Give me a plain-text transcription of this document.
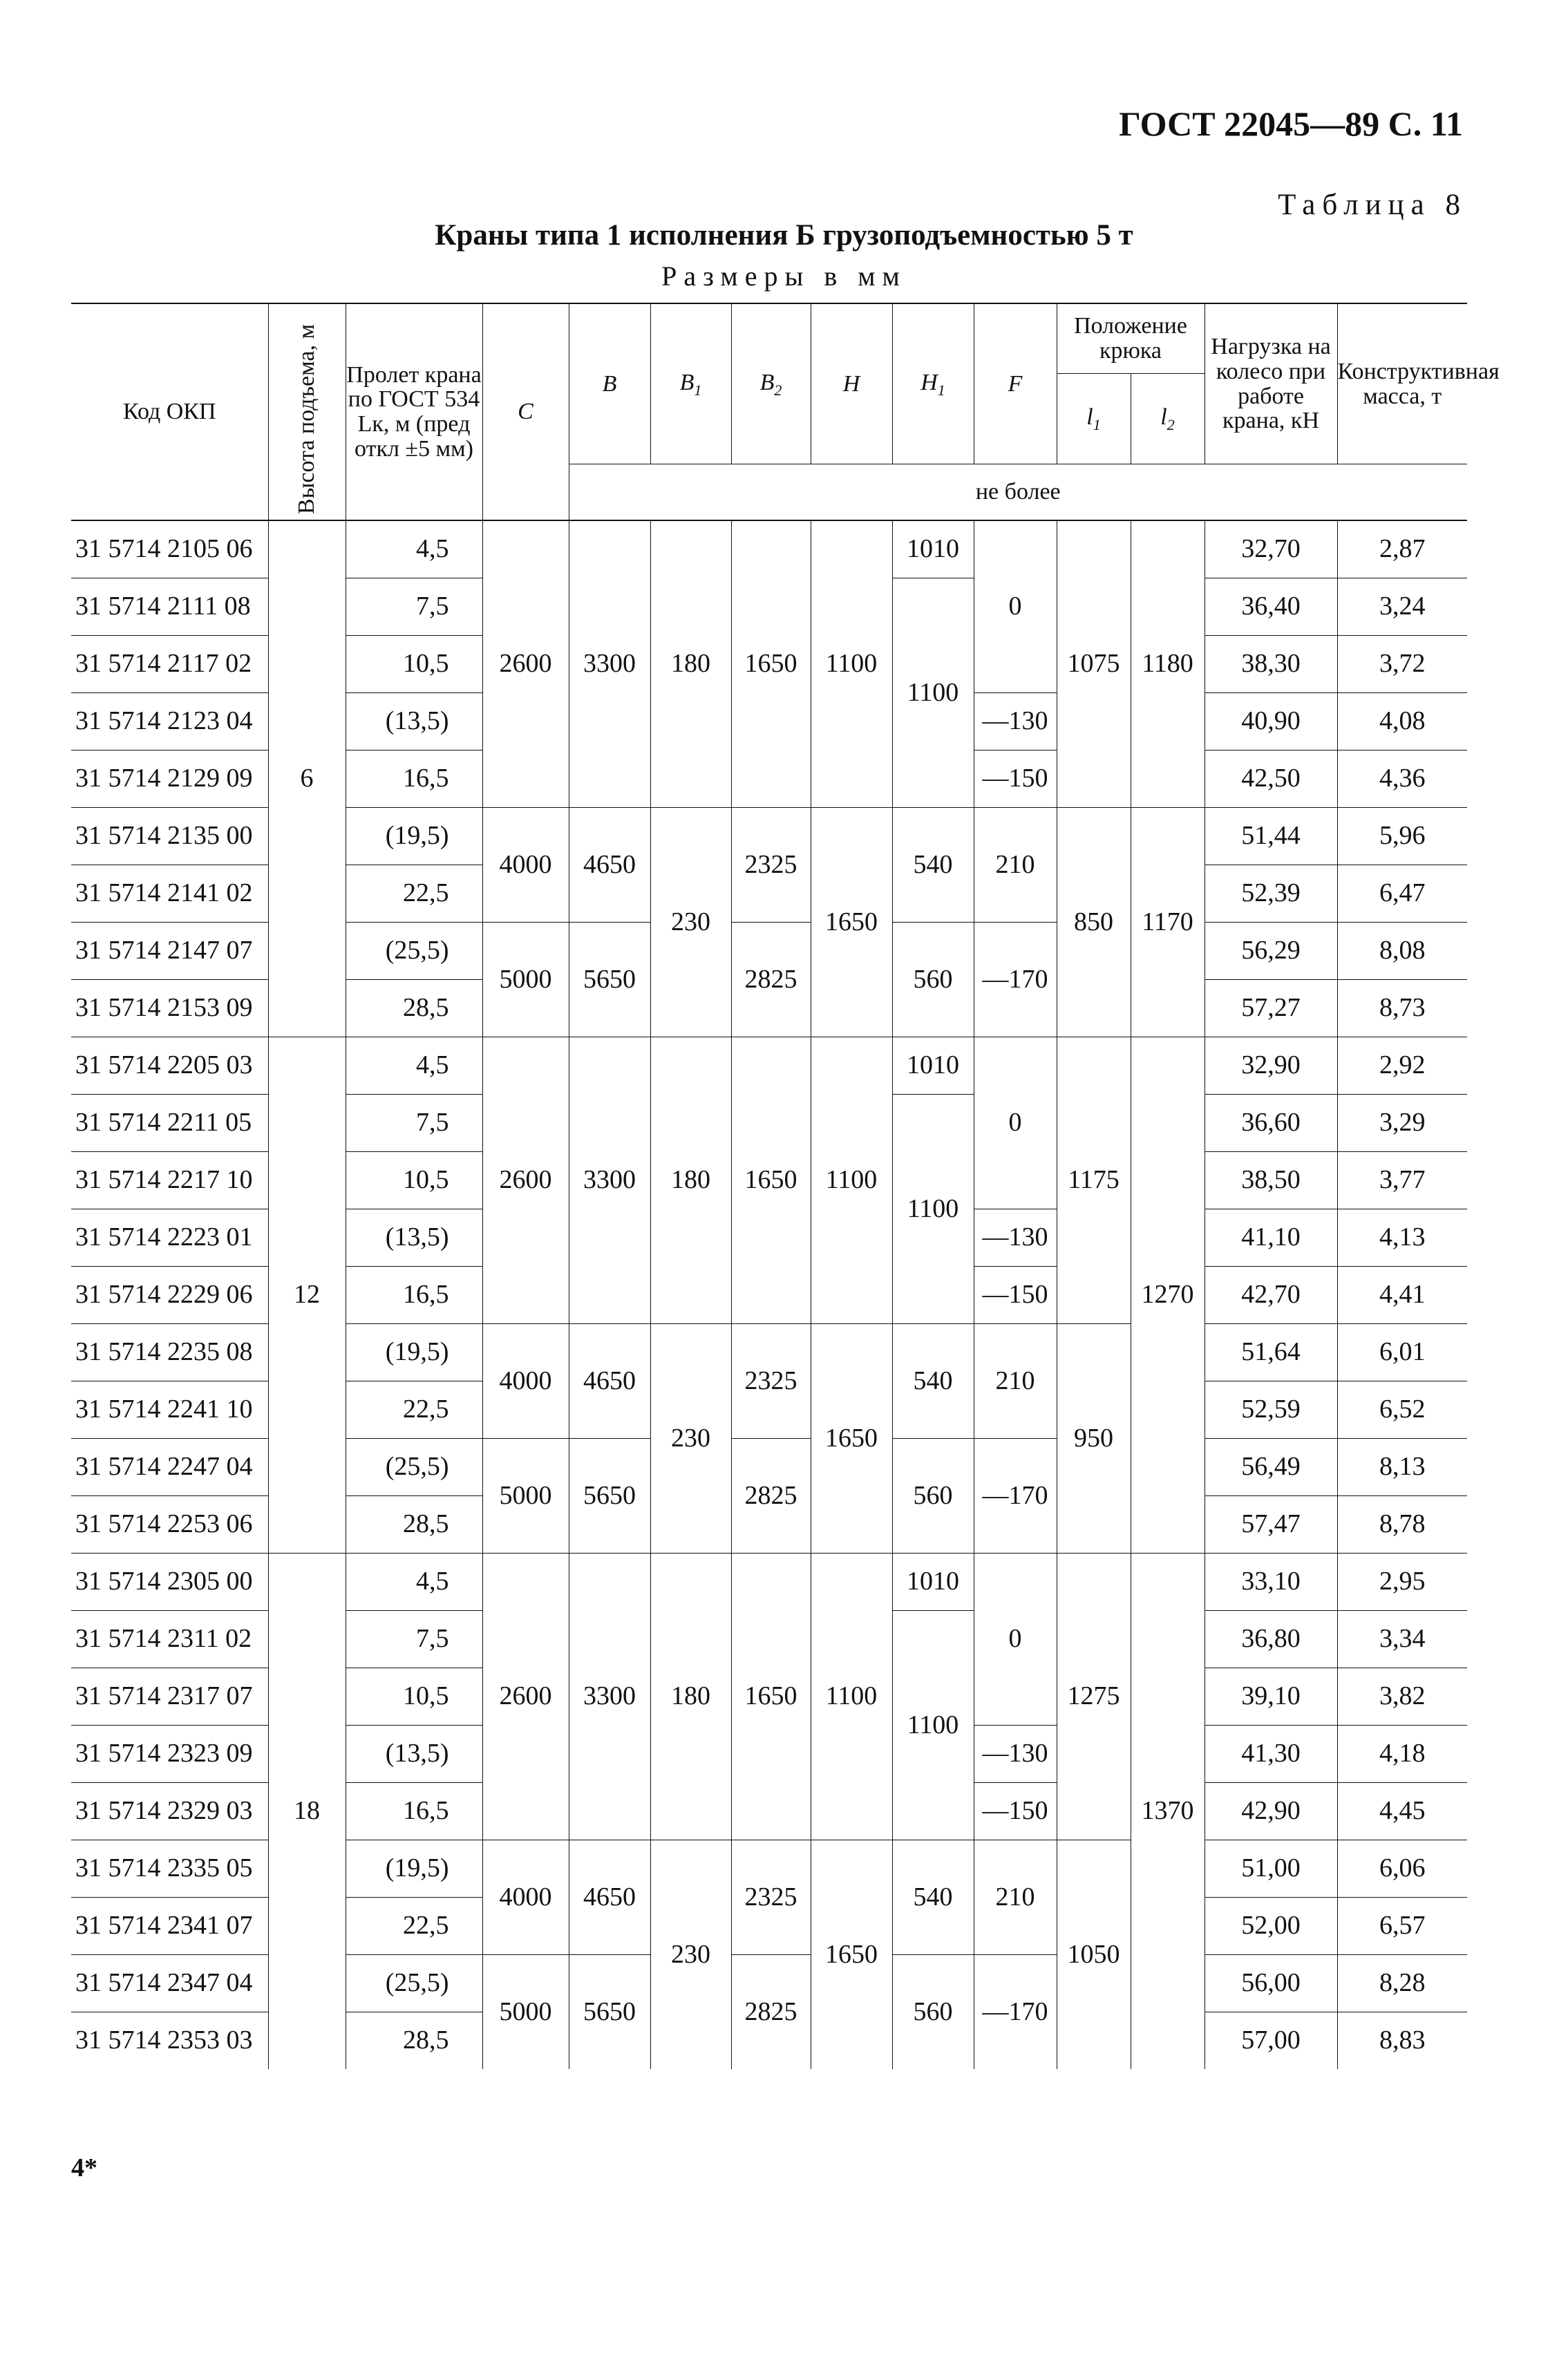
ГОСТ 22045—89 С. 11
Таблица 8
Краны типа 1 исполнения Б грузоподъемностью 5 т
Размеры в мм
Код ОКП	Высота подъема, м	Пролет крана по ГОСТ 534 Lк, м (пред откл ±5 мм)	C	B	$B_1$	$B_2$	H	$H_1$	F	Положение крюка		Нагрузка на колесо при работе крана, кН	Конструктивная масса, т
										$l_1$	$l_2$
				не более									
31 5714 2105 06	6	4,5	2600	3300	180	1650	1100	1010	0	1075	1180	32,70	2,87
31 5714 2111 08		7,5						1100				36,40	3,24
31 5714 2117 02		10,5										38,30	3,72
31 5714 2123 04		(13,5)							—130			40,90	4,08
31 5714 2129 09		16,5							—150			42,50	4,36
31 5714 2135 00		(19,5)	4000	4650	230	2325	1650	540	210	850	1170	51,44	5,96
31 5714 2141 02		22,5										52,39	6,47
31 5714 2147 07		(25,5)	5000	5650		2825		560	—170			56,29	8,08
31 5714 2153 09		28,5										57,27	8,73
31 5714 2205 03	12	4,5	2600	3300	180	1650	1100	1010	0	1175	1270	32,90	2,92
31 5714 2211 05		7,5						1100				36,60	3,29
31 5714 2217 10		10,5										38,50	3,77
31 5714 2223 01		(13,5)							—130			41,10	4,13
31 5714 2229 06		16,5							—150			42,70	4,41
31 5714 2235 08		(19,5)	4000	4650	230	2325	1650	540	210	950		51,64	6,01
31 5714 2241 10		22,5										52,59	6,52
31 5714 2247 04		(25,5)	5000	5650		2825		560	—170			56,49	8,13
31 5714 2253 06		28,5										57,47	8,78
31 5714 2305 00	18	4,5	2600	3300	180	1650	1100	1010	0	1275	1370	33,10	2,95
31 5714 2311 02		7,5						1100				36,80	3,34
31 5714 2317 07		10,5										39,10	3,82
31 5714 2323 09		(13,5)							—130			41,30	4,18
31 5714 2329 03		16,5							—150			42,90	4,45
31 5714 2335 05		(19,5)	4000	4650	230	2325	1650	540	210	1050		51,00	6,06
31 5714 2341 07		22,5										52,00	6,57
31 5714 2347 04		(25,5)	5000	5650		2825		560	—170			56,00	8,28
31 5714 2353 03		28,5										57,00	8,83
4*
